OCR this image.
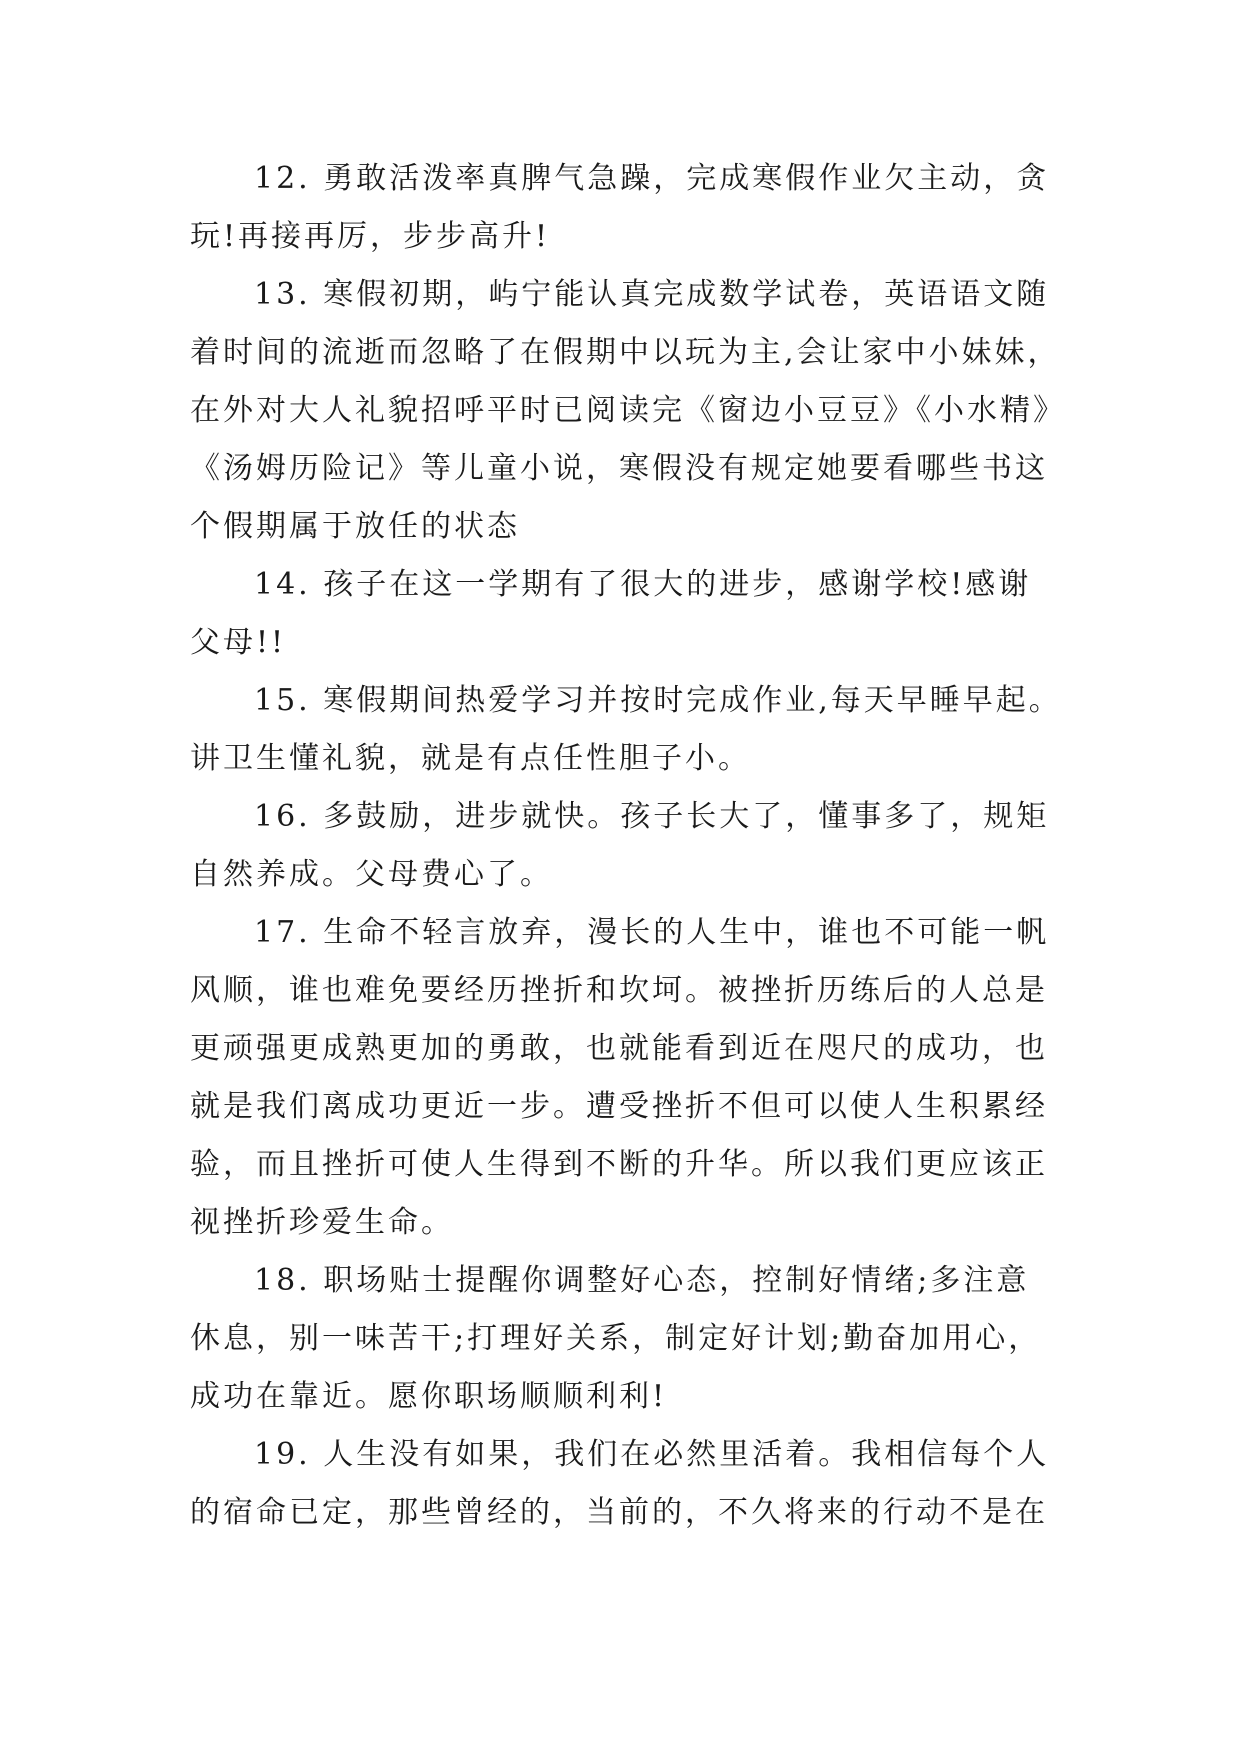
12. 勇敢活泼率真脾气急躁，完成寒假作业欠主动，贪
玩!再接再厉，步步高升!

13. 寒假初期，屿宁能认真完成数学试卷，英语语文随
着时间的流逝而忽略了在假期中以玩为主,会让家中小妹妹，
在外对大人礼貌招呼平时已阅读完《窗边小豆豆》《小水精》
《汤姆历险记》等儿童小说，寒假没有规定她要看哪些书这
个假期属于放任的状态

14. 孩子在这一学期有了很大的进步，感谢学校!感谢
父母!!

15. 寒假期间热爱学习并按时完成作业,每天早睡早起。
讲卫生懂礼貌，就是有点任性胆子小。

16. 多鼓励，进步就快。孩子长大了，懂事多了，规矩
自然养成。父母费心了。

17. 生命不轻言放弃，漫长的人生中，谁也不可能一帆
风顺，谁也难免要经历挫折和坎坷。被挫折历练后的人总是
更顽强更成熟更加的勇敢，也就能看到近在咫尺的成功，也
就是我们离成功更近一步。遭受挫折不但可以使人生积累经
验，而且挫折可使人生得到不断的升华。所以我们更应该正
视挫折珍爱生命。

18. 职场贴士提醒你调整好心态，控制好情绪;多注意
休息，别一味苦干;打理好关系，制定好计划;勤奋加用心，
成功在靠近。愿你职场顺顺利利!

19. 人生没有如果，我们在必然里活着。我相信每个人
的宿命已定，那些曾经的，当前的，不久将来的行动不是在
